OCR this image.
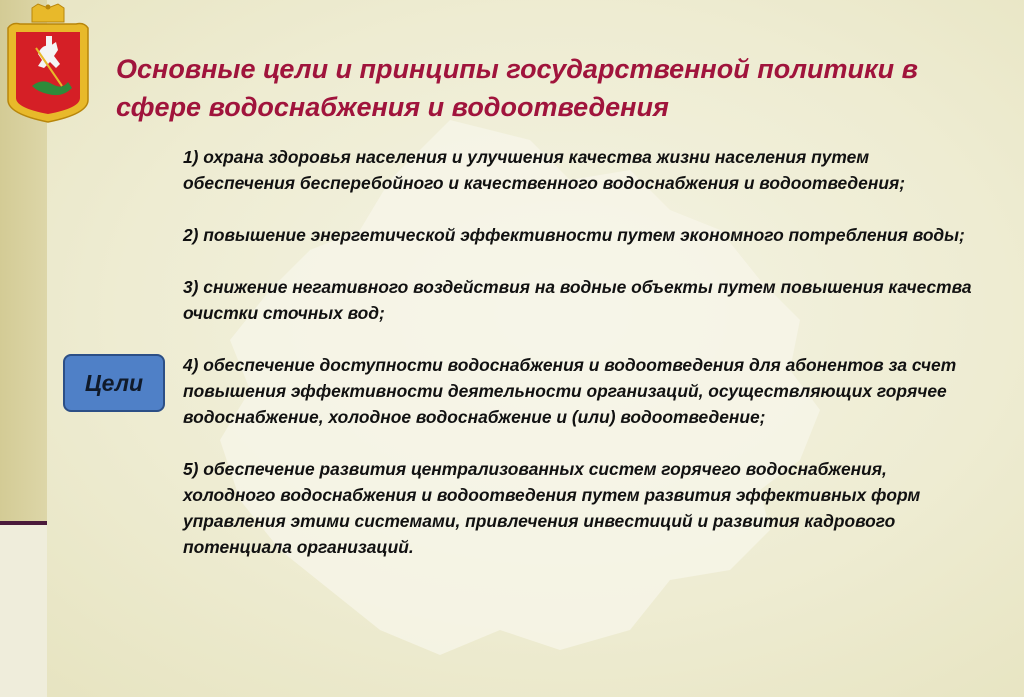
Основные цели и принципы государственной политики в сфере водоснабжения и водоотведения
Цели
1) охрана здоровья населения и улучшения качества жизни населения путем обеспечения бесперебойного и качественного водоснабжения и водоотведения;
2) повышение энергетической эффективности путем экономного потребления воды;
3) снижение негативного воздействия на водные объекты путем повышения качества очистки сточных вод;
4) обеспечение доступности водоснабжения и водоотведения для абонентов за счет повышения эффективности деятельности организаций, осуществляющих горячее водоснабжение, холодное водоснабжение и (или) водоотведение;
5) обеспечение развития централизованных систем горячего водоснабжения, холодного водоснабжения и водоотведения путем развития эффективных форм управления этими системами, привлечения инвестиций и развития кадрового потенциала организаций.
